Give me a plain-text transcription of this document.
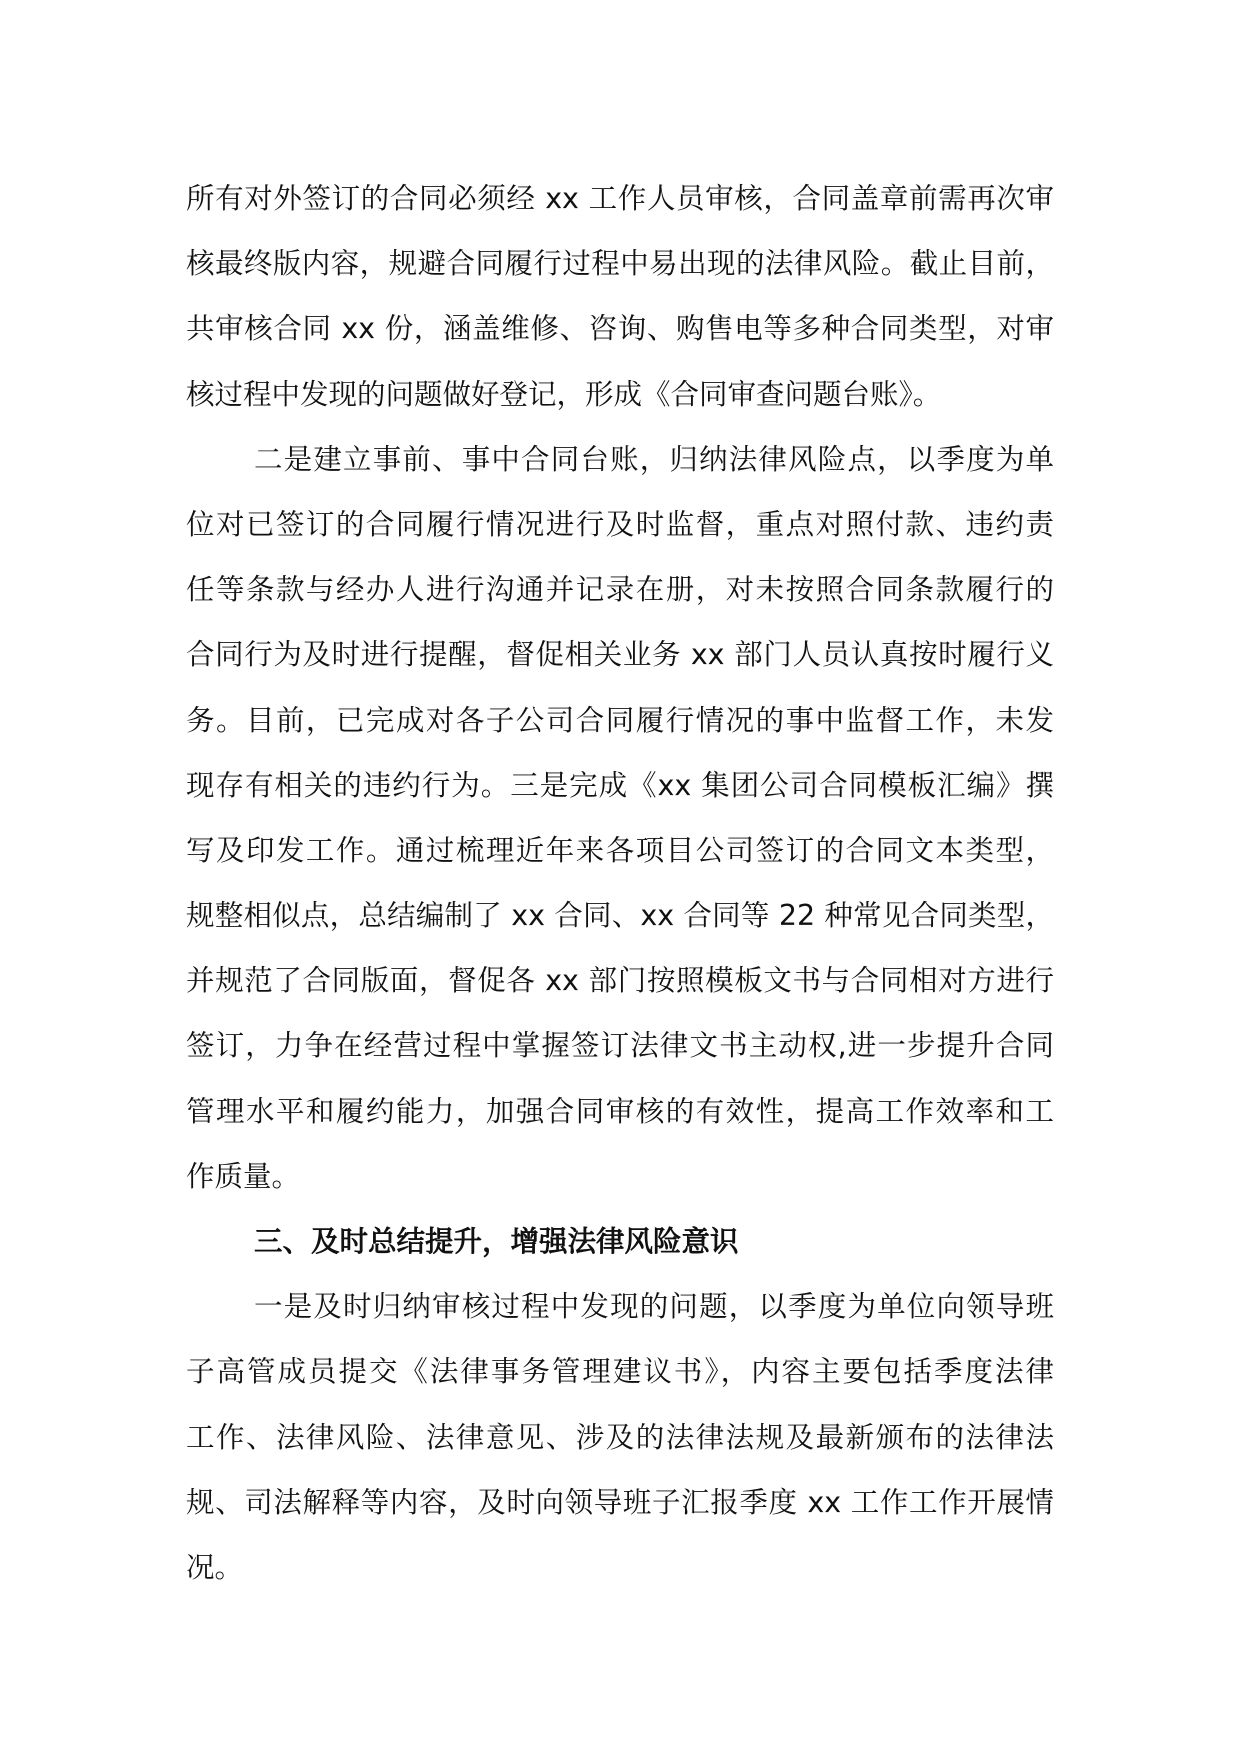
所有对外签订的合同必须经 xx 工作人员审核，合同盖章前需再次审
核最终版内容，规避合同履行过程中易出现的法律风险。截止目前，
共审核合同 xx 份，涵盖维修、咨询、购售电等多种合同类型，对审
核过程中发现的问题做好登记，形成《合同审查问题台账》。
二是建立事前、事中合同台账，归纳法律风险点，以季度为单
位对已签订的合同履行情况进行及时监督，重点对照付款、违约责
任等条款与经办人进行沟通并记录在册，对未按照合同条款履行的
合同行为及时进行提醒，督促相关业务 xx 部门人员认真按时履行义
务。目前，已完成对各子公司合同履行情况的事中监督工作，未发
现存有相关的违约行为。三是完成《xx 集团公司合同模板汇编》撰
写及印发工作。通过梳理近年来各项目公司签订的合同文本类型，
规整相似点，总结编制了 xx 合同、xx 合同等 22 种常见合同类型，
并规范了合同版面，督促各 xx 部门按照模板文书与合同相对方进行
签订，力争在经营过程中掌握签订法律文书主动权,进一步提升合同
管理水平和履约能力，加强合同审核的有效性，提高工作效率和工
作质量。
三、及时总结提升，增强法律风险意识
一是及时归纳审核过程中发现的问题，以季度为单位向领导班
子高管成员提交《法律事务管理建议书》，内容主要包括季度法律
工作、法律风险、法律意见、涉及的法律法规及最新颁布的法律法
规、司法解释等内容，及时向领导班子汇报季度 xx 工作工作开展情
况。
